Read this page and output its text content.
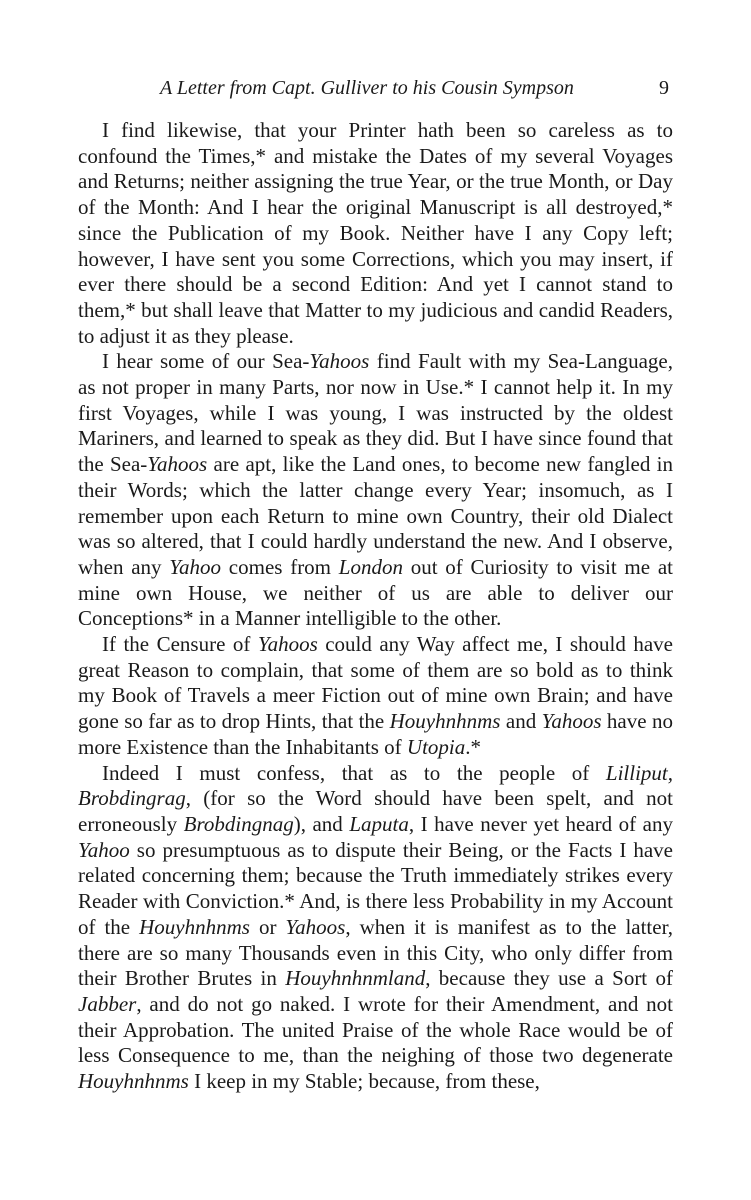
A Letter from Capt. Gulliver to his Cousin Sympson	9

I find likewise, that your Printer hath been so careless as to confound the Times,* and mistake the Dates of my several Voyages and Returns; neither assigning the true Year, or the true Month, or Day of the Month: And I hear the original Manuscript is all destroyed,* since the Publication of my Book. Neither have I any Copy left; however, I have sent you some Corrections, which you may insert, if ever there should be a second Edition: And yet I cannot stand to them,* but shall leave that Matter to my judicious and candid Readers, to adjust it as they please.

I hear some of our Sea-Yahoos find Fault with my Sea-Language, as not proper in many Parts, nor now in Use.* I cannot help it. In my first Voyages, while I was young, I was instructed by the oldest Mariners, and learned to speak as they did. But I have since found that the Sea-Yahoos are apt, like the Land ones, to become new fangled in their Words; which the latter change every Year; insomuch, as I remember upon each Return to mine own Country, their old Dialect was so altered, that I could hardly understand the new. And I observe, when any Yahoo comes from London out of Curiosity to visit me at mine own House, we neither of us are able to deliver our Conceptions* in a Manner intelligible to the other.

If the Censure of Yahoos could any Way affect me, I should have great Reason to complain, that some of them are so bold as to think my Book of Travels a meer Fiction out of mine own Brain; and have gone so far as to drop Hints, that the Houyhnhnms and Yahoos have no more Existence than the Inhabitants of Utopia.*

Indeed I must confess, that as to the people of Lilliput, Brobdingrag, (for so the Word should have been spelt, and not erroneously Brobdingnag), and Laputa, I have never yet heard of any Yahoo so presumptuous as to dispute their Being, or the Facts I have related concerning them; because the Truth immediately strikes every Reader with Conviction.* And, is there less Probability in my Account of the Houyhnhnms or Yahoos, when it is manifest as to the latter, there are so many Thousands even in this City, who only differ from their Brother Brutes in Houyhnhnmland, because they use a Sort of Jabber, and do not go naked. I wrote for their Amendment, and not their Approbation. The united Praise of the whole Race would be of less Consequence to me, than the neighing of those two degenerate Houyhnhnms I keep in my Stable; because, from these,
